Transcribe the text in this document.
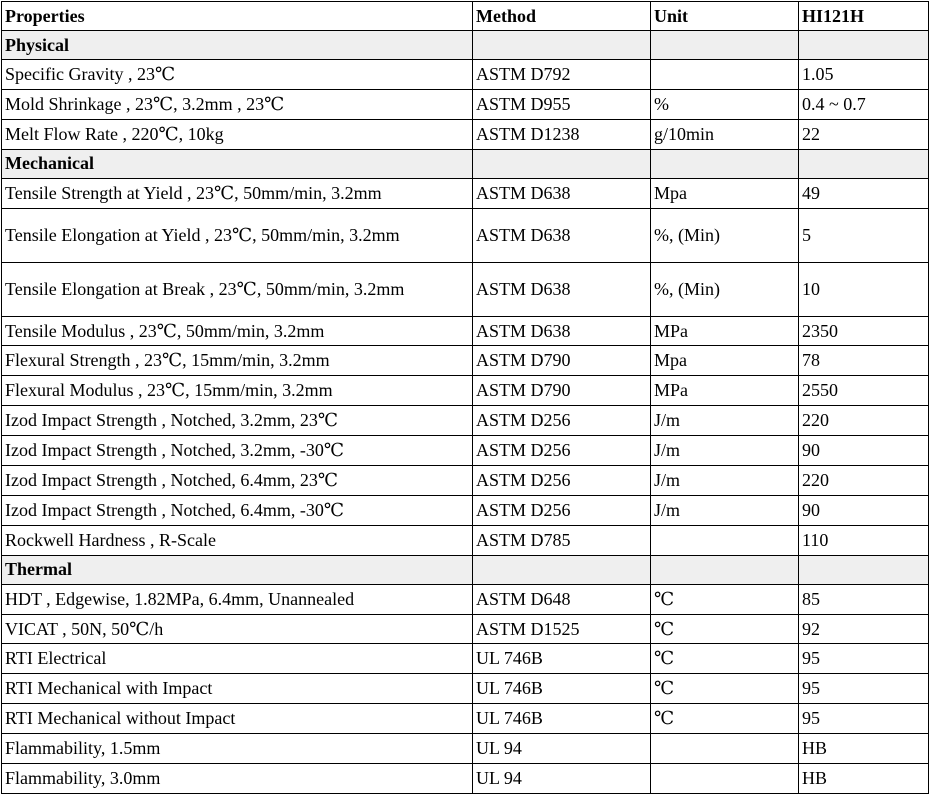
Properties	Method	Unit	HI121H
Physical			
Specific Gravity , 23℃	ASTM D792		1.05
Mold Shrinkage , 23℃, 3.2mm , 23℃	ASTM D955	%	0.4 ~ 0.7
Melt Flow Rate , 220℃, 10kg	ASTM D1238	g/10min	22
Mechanical			
Tensile Strength at Yield , 23℃, 50mm/min, 3.2mm	ASTM D638	Mpa	49
Tensile Elongation at Yield , 23℃, 50mm/min, 3.2mm	ASTM D638	%, (Min)	5
Tensile Elongation at Break , 23℃, 50mm/min, 3.2mm	ASTM D638	%, (Min)	10
Tensile Modulus , 23℃, 50mm/min, 3.2mm	ASTM D638	MPa	2350
Flexural Strength , 23℃, 15mm/min, 3.2mm	ASTM D790	Mpa	78
Flexural Modulus , 23℃, 15mm/min, 3.2mm	ASTM D790	MPa	2550
Izod Impact Strength , Notched, 3.2mm, 23℃	ASTM D256	J/m	220
Izod Impact Strength , Notched, 3.2mm, -30℃	ASTM D256	J/m	90
Izod Impact Strength , Notched, 6.4mm, 23℃	ASTM D256	J/m	220
Izod Impact Strength , Notched, 6.4mm, -30℃	ASTM D256	J/m	90
Rockwell Hardness , R-Scale	ASTM D785		110
Thermal			
HDT , Edgewise, 1.82MPa, 6.4mm, Unannealed	ASTM D648	℃	85
VICAT , 50N, 50℃/h	ASTM D1525	℃	92
RTI Electrical	UL 746B	℃	95
RTI Mechanical with Impact	UL 746B	℃	95
RTI Mechanical without Impact	UL 746B	℃	95
Flammability, 1.5mm	UL 94		HB
Flammability, 3.0mm	UL 94		HB
